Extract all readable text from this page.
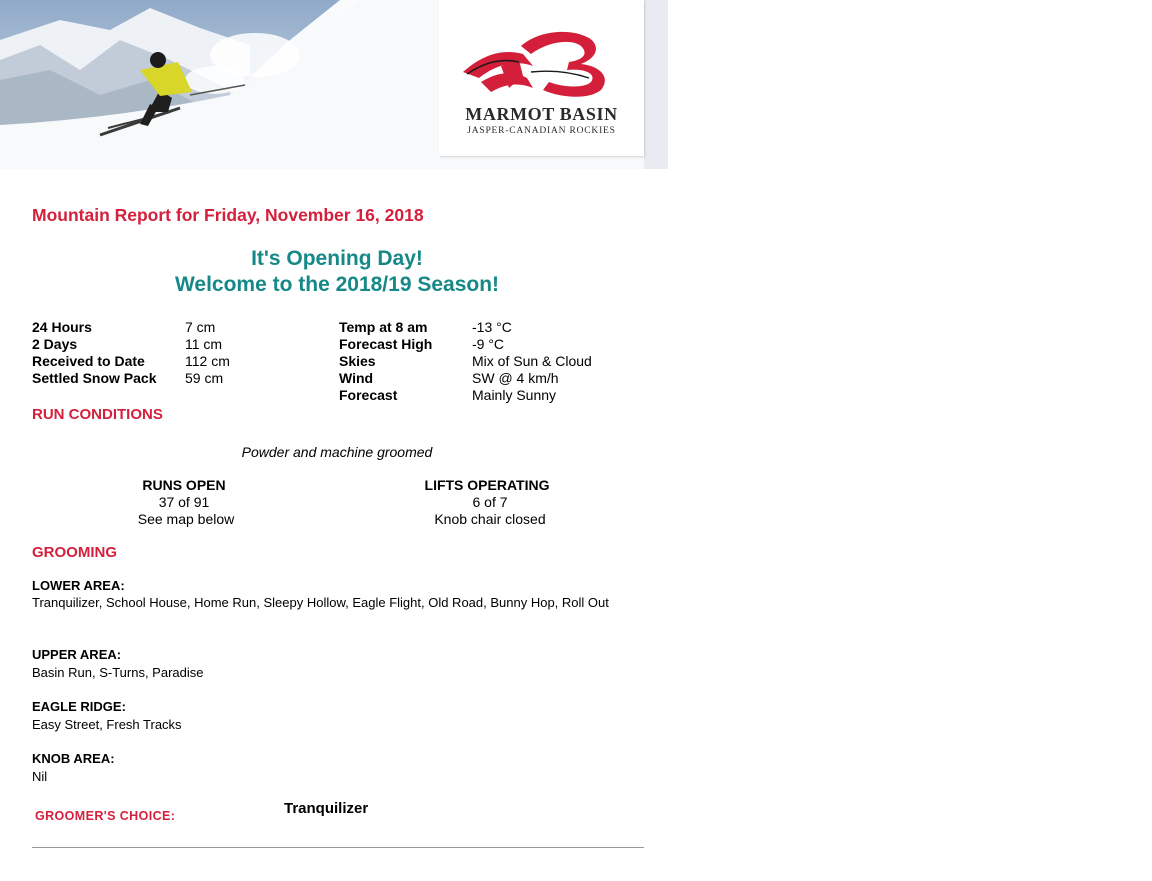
MARMOT BASIN
JASPER-CANADIAN ROCKIES
Mountain Report for Friday, November 16, 2018
It's Opening Day!
Welcome to the 2018/19 Season!
24 Hours	7 cm
2 Days	11 cm
Received to Date	112 cm
Settled Snow Pack 59 cm
Temp at 8 am	-13 °C
Forecast High	-9 °C
Skies	Mix of Sun & Cloud
Wind	SW @ 4 km/h
Forecast	Mainly Sunny
RUN CONDITIONS
Powder and machine groomed
RUNS OPEN
37 of 91
See map below
LIFTS OPERATING
6 of 7
Knob chair closed
GROOMING
LOWER AREA:
Tranquilizer, School House, Home Run, Sleepy Hollow, Eagle Flight, Old Road, Bunny Hop, Roll Out
UPPER AREA:
Basin Run, S-Turns, Paradise
EAGLE RIDGE:
Easy Street, Fresh Tracks
KNOB AREA:
Nil
GROOMER'S CHOICE:	Tranquilizer
